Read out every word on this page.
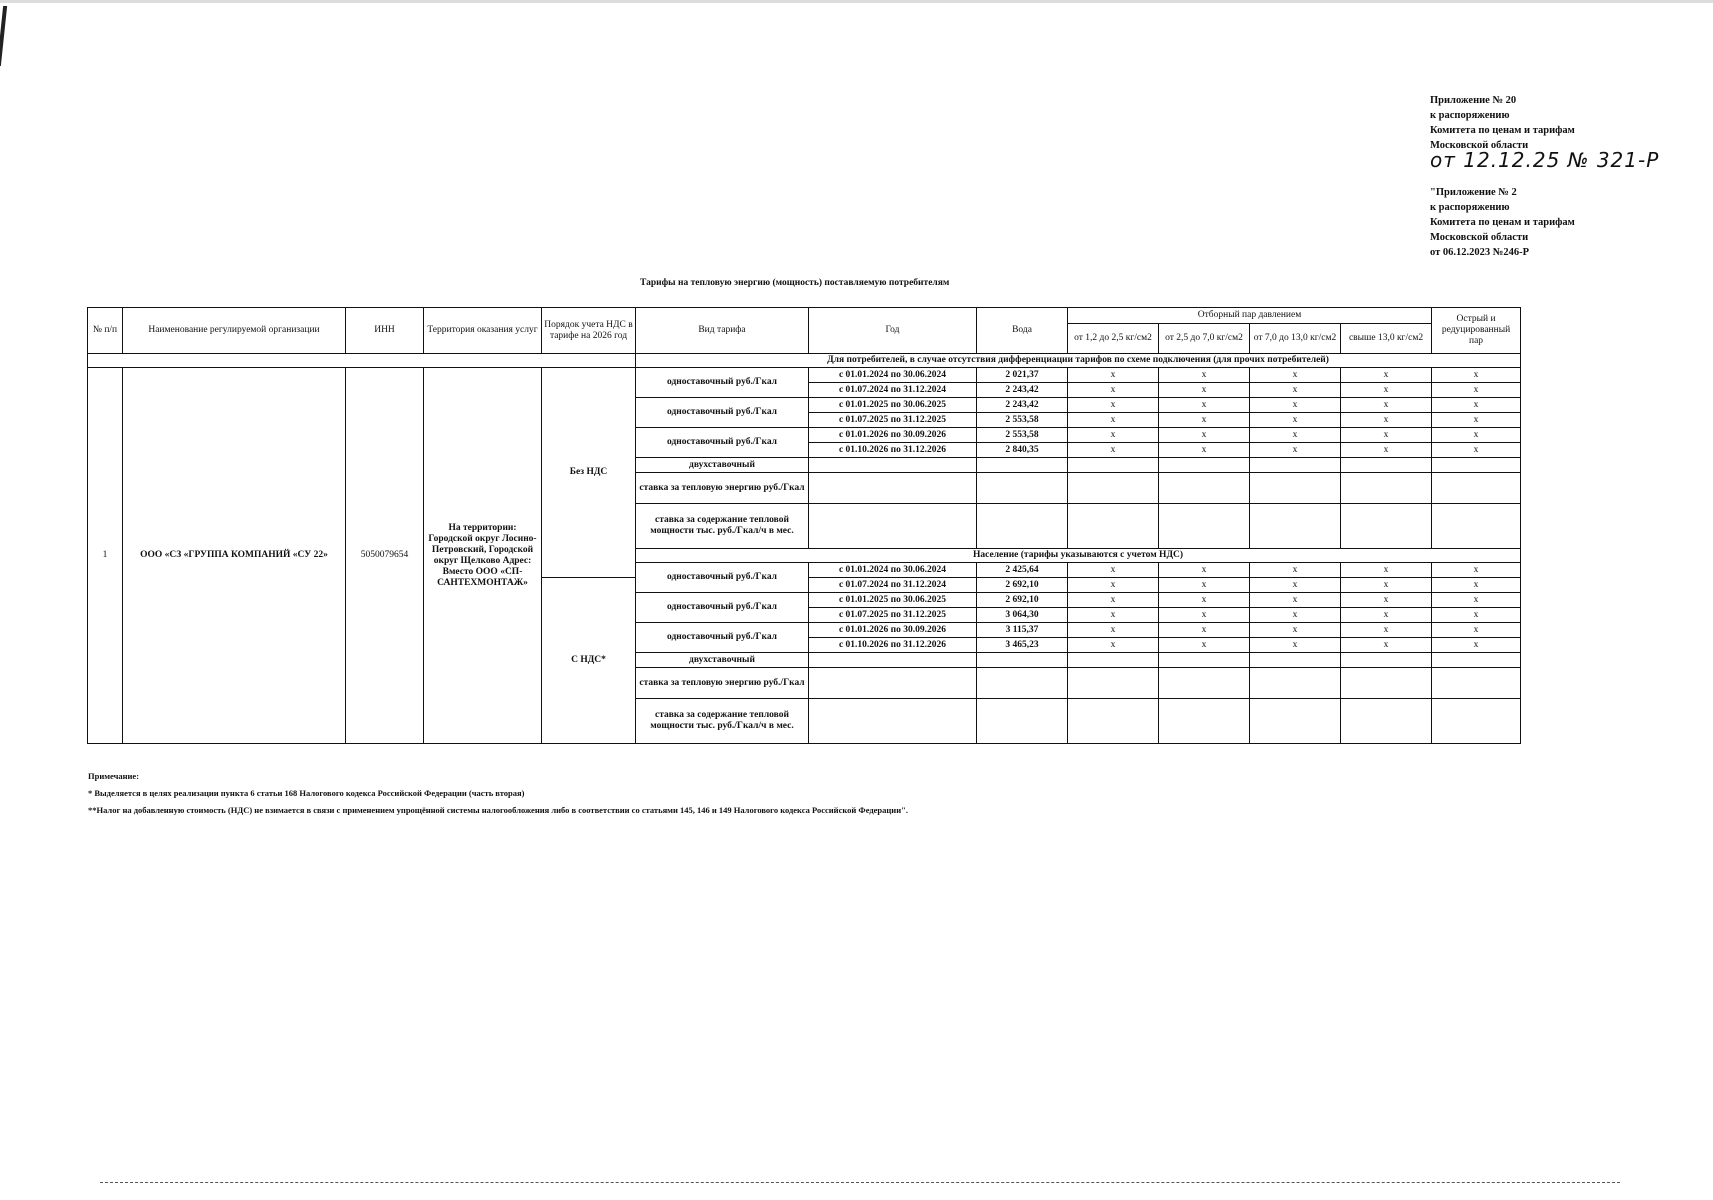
Приложение № 20
к распоряжению
Комитета по ценам и тарифам
Московской области
от 12.12.25 № 321-Р
"Приложение № 2
к распоряжению
Комитета по ценам и тарифам
Московской области
от 06.12.2023 №246-Р
Тарифы на тепловую энергию (мощность) поставляемую потребителям
№ п/п	Наименование регулируемой организации	ИНН	Территория оказания услуг	Порядок учета НДС в тарифе на 2026 год	Вид тарифа	Год	Вода	Отборный пар давлением				Острый и редуцированный пар
								от 1,2 до 2,5 кг/см2	от 2,5 до 7,0 кг/см2	от 7,0 до 13,0 кг/см2	свыше 13,0 кг/см2	
					Для потребителей, в случае отсутствия дифференциации тарифов по схеме подключения (для прочих потребителей)							
1	ООО «СЗ «ГРУППА КОМПАНИЙ «СУ 22»	5050079654	На территории: Городской округ Лосино-Петровский, Городской округ Щелково Адрес: Вместо ООО «СП-САНТЕХМОНТАЖ»	Без НДС	одноставочный руб./Гкал	с 01.01.2024 по 30.06.2024	2 021,37	x	x	x	x	x
						с 01.07.2024 по 31.12.2024	2 243,42	x	x	x	x	x
					одноставочный руб./Гкал	с 01.01.2025 по 30.06.2025	2 243,42	x	x	x	x	x
						с 01.07.2025 по 31.12.2025	2 553,58	x	x	x	x	x
					одноставочный руб./Гкал	с 01.01.2026 по 30.09.2026	2 553,58	x	x	x	x	x
						с 01.10.2026 по 31.12.2026	2 840,35	x	x	x	x	x
					двухставочный							
					ставка за тепловую энергию руб./Гкал							
					ставка за содержание тепловой мощности тыс. руб./Гкал/ч в мес.							
					Население (тарифы указываются с учетом НДС)							
					одноставочный руб./Гкал	с 01.01.2024 по 30.06.2024	2 425,64	x	x	x	x	x
				С НДС*		с 01.07.2024 по 31.12.2024	2 692,10	x	x	x	x	x
					одноставочный руб./Гкал	с 01.01.2025 по 30.06.2025	2 692,10	x	x	x	x	x
						с 01.07.2025 по 31.12.2025	3 064,30	x	x	x	x	x
					одноставочный руб./Гкал	с 01.01.2026 по 30.09.2026	3 115,37	x	x	x	x	x
						с 01.10.2026 по 31.12.2026	3 465,23	x	x	x	x	x
					двухставочный							
					ставка за тепловую энергию руб./Гкал							
					ставка за содержание тепловой мощности тыс. руб./Гкал/ч в мес.							
Примечание:
* Выделяется в целях реализации пункта 6 статьи 168 Налогового кодекса Российской Федерации (часть вторая)
**Налог на добавленную стоимость (НДС) не взимается в связи с применением упрощённой системы налогообложения либо в соответствии со статьями 145, 146 и 149 Налогового кодекса Российской Федерации".
